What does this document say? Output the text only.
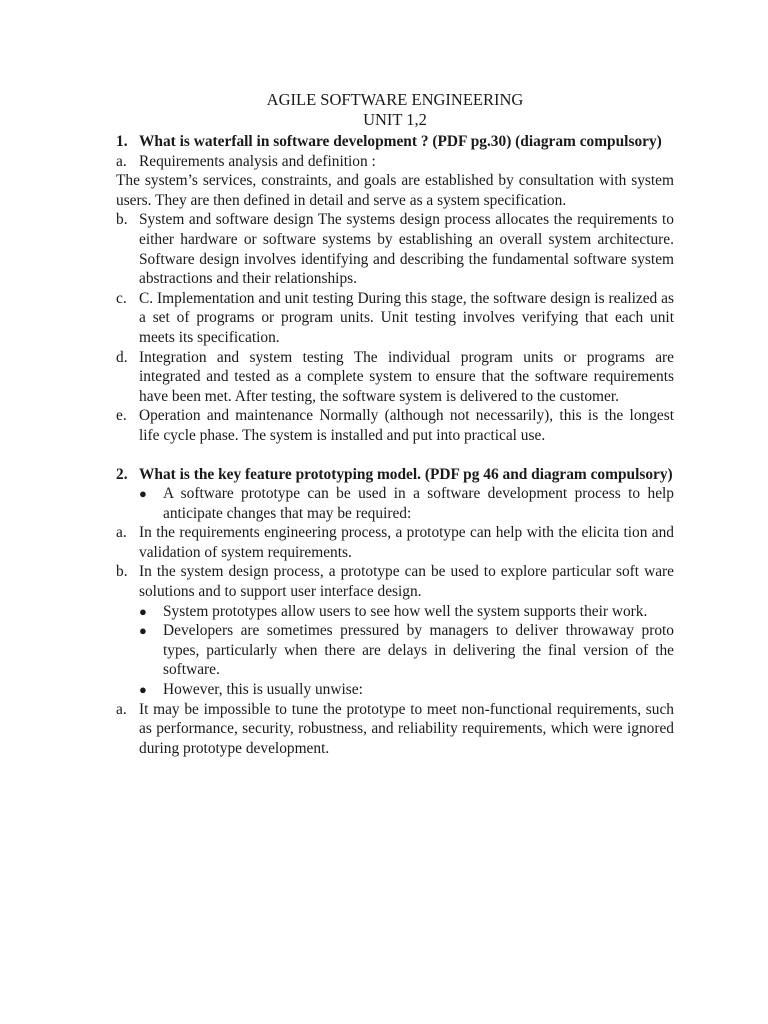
AGILE SOFTWARE ENGINEERING

UNIT 1,2

1. What is waterfall in software development ? (PDF pg.30) (diagram compulsory)
a. Requirements analysis and definition :
The system’s services, constraints, and goals are established by consultation with system users. They are then defined in detail and serve as a system specification.
b. System and software design The systems design process allocates the requirements to either hardware or software systems by establishing an overall system architecture. Software design involves identifying and describing the fundamental software system abstractions and their relationships.
c. C. Implementation and unit testing During this stage, the software design is realized as a set of programs or program units. Unit testing involves verifying that each unit meets its specification.
d. Integration and system testing The individual program units or programs are integrated and tested as a complete system to ensure that the software requirements have been met. After testing, the software system is delivered to the customer.
e. Operation and maintenance Normally (although not necessarily), this is the longest life cycle phase. The system is installed and put into practical use.
2. What is the key feature prototyping model. (PDF pg 46 and diagram compulsory)
●	A software prototype can be used in a software development process to help anticipate changes that may be required:
a. In the requirements engineering process, a prototype can help with the elicita tion and validation of system requirements.
b. In the system design process, a prototype can be used to explore particular soft ware solutions and to support user interface design.
●	System prototypes allow users to see how well the system supports their work.
●	Developers are sometimes pressured by managers to deliver throwaway proto types, particularly when there are delays in delivering the final version of the software.
●	However, this is usually unwise:
a. It may be impossible to tune the prototype to meet non-functional requirements, such as performance, security, robustness, and reliability requirements, which were ignored during prototype development.
